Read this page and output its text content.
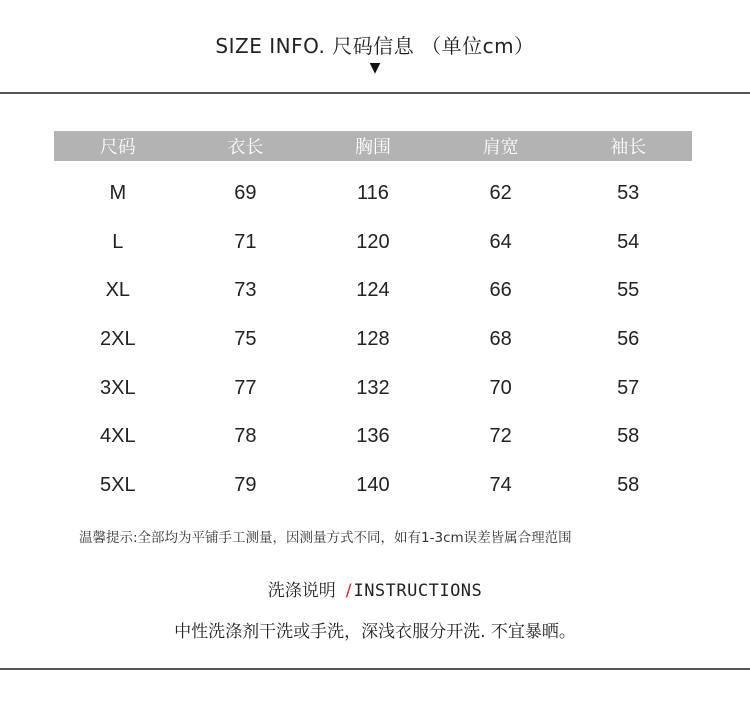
SIZE INFO. 尺码信息 （单位cm）
▼
尺码	衣长	胸围	肩宽	袖长
M	69	116	62	53
L	71	120	64	54
XL	73	124	66	55
2XL	75	128	68	56
3XL	77	132	70	57
4XL	78	136	72	58
5XL	79	140	74	58
温馨提示:全部均为平铺手工测量，因测量方式不同，如有1-3cm误差皆属合理范围
洗涤说明 / INSTRUCTIONS
中性洗涤剂干洗或手洗，深浅衣服分开洗. 不宜暴晒。
